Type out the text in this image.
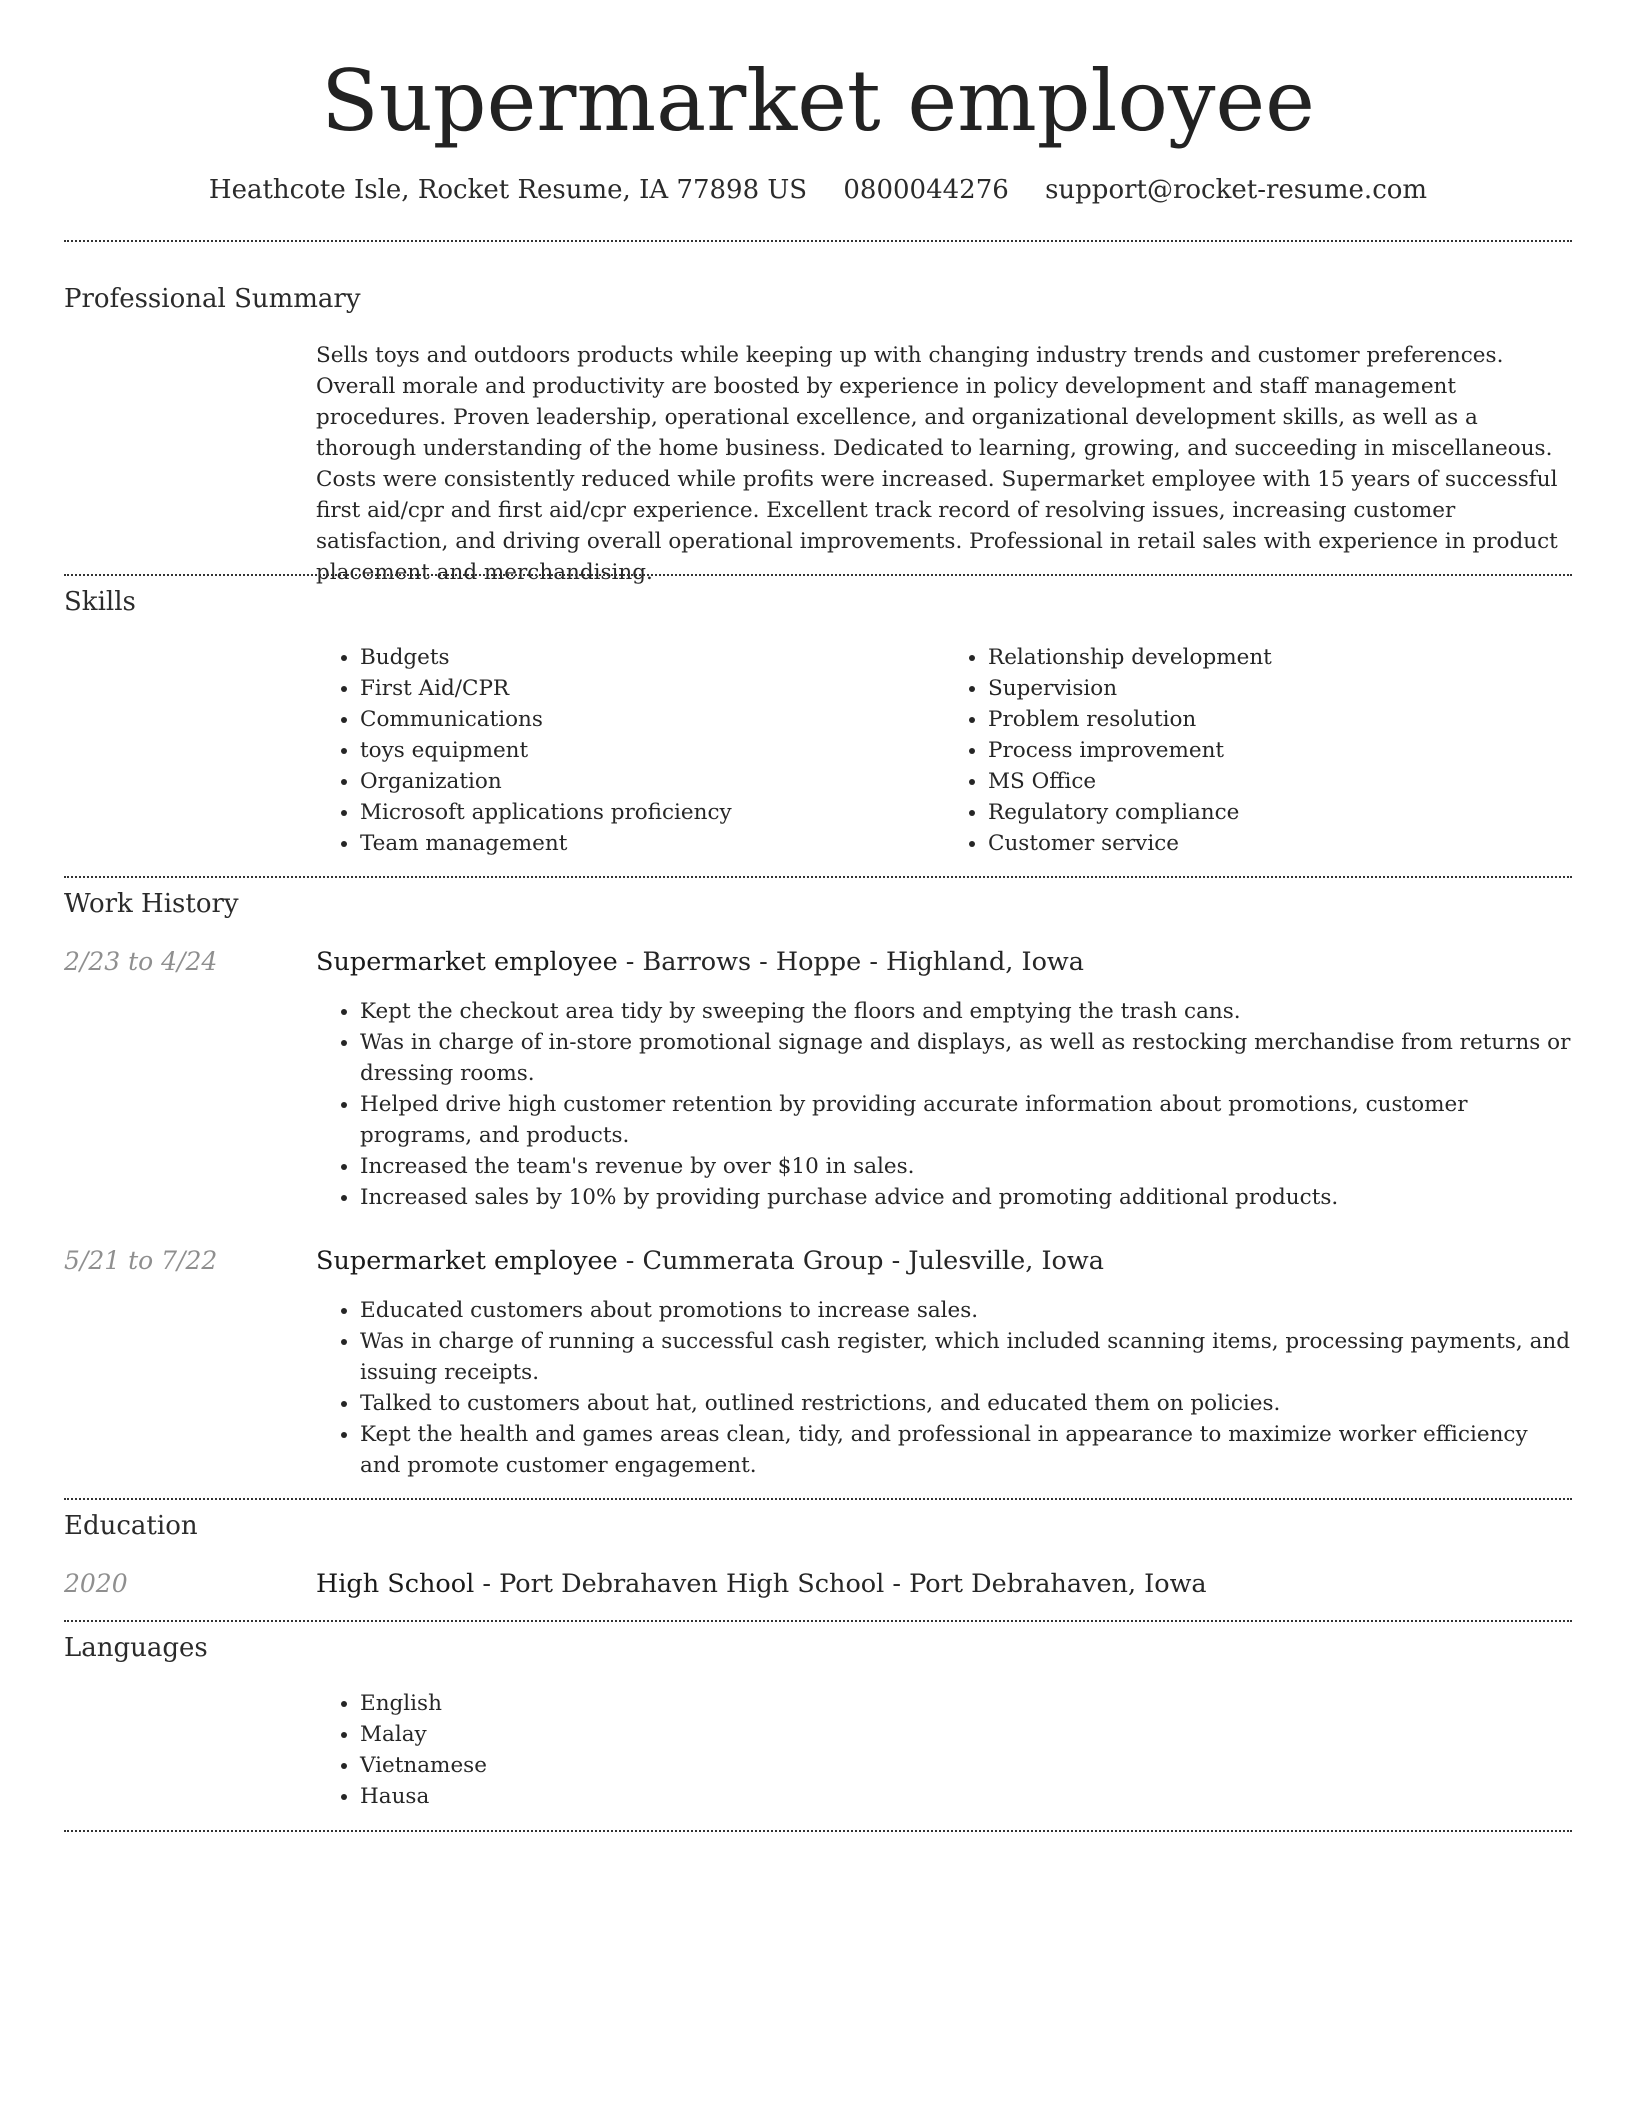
Supermarket employee
Heathcote Isle, Rocket Resume, IA 77898 US 0800044276 support@rocket-resume.com
Professional Summary

Sells toys and outdoors products while keeping up with changing industry trends and customer preferences. Overall morale and productivity are boosted by experience in policy development and staff management procedures. Proven leadership, operational excellence, and organizational development skills, as well as a thorough understanding of the home business. Dedicated to learning, growing, and succeeding in miscellaneous. Costs were consistently reduced while profits were increased. Supermarket employee with 15 years of successful first aid/cpr and first aid/cpr experience. Excellent track record of resolving issues, increasing customer satisfaction, and driving overall operational improvements. Professional in retail sales with experience in product placement and merchandising.

Skills
• Budgets
• First Aid/CPR
• Communications
• toys equipment
• Organization
• Microsoft applications proficiency
• Team management
• Relationship development
• Supervision
• Problem resolution
• Process improvement
• MS Office
• Regulatory compliance
• Customer service
Work History
2/23 to 4/24	Supermarket employee - Barrows - Hoppe - Highland, Iowa
• Kept the checkout area tidy by sweeping the floors and emptying the trash cans.
• Was in charge of in-store promotional signage and displays, as well as restocking merchandise from returns or dressing rooms.
• Helped drive high customer retention by providing accurate information about promotions, customer programs, and products.
• Increased the team's revenue by over $10 in sales.
• Increased sales by 10% by providing purchase advice and promoting additional products.
5/21 to 7/22	Supermarket employee - Cummerata Group - Julesville, Iowa
• Educated customers about promotions to increase sales.
• Was in charge of running a successful cash register, which included scanning items, processing payments, and issuing receipts.
• Talked to customers about hat, outlined restrictions, and educated them on policies.
• Kept the health and games areas clean, tidy, and professional in appearance to maximize worker efficiency and promote customer engagement.
Education
2020	High School - Port Debrahaven High School - Port Debrahaven, Iowa
Languages
• English
• Malay
• Vietnamese
• Hausa
